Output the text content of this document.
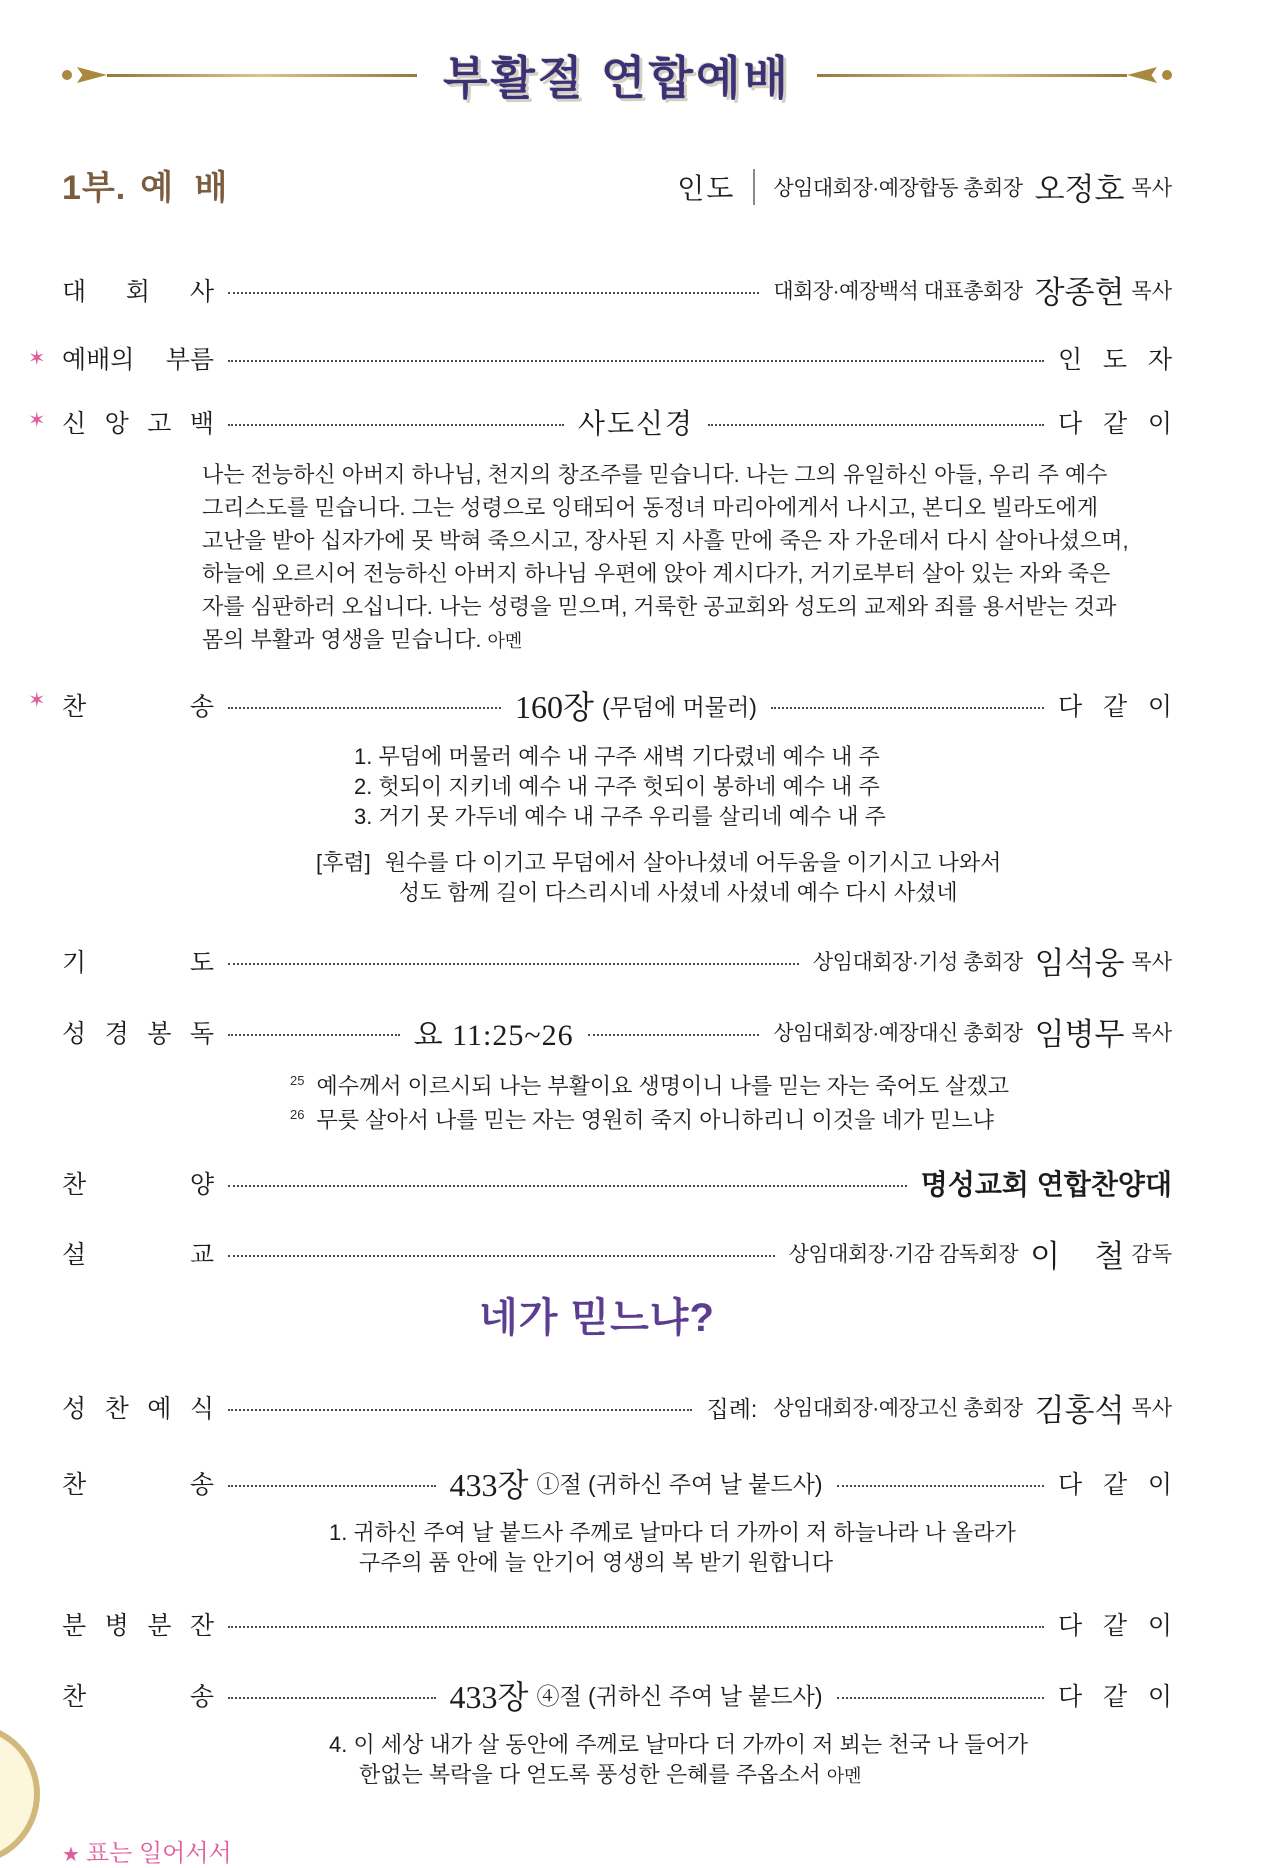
부활절 연합예배
1부. 예 배	인도 상임대회장·예장합동 총회장 오정호 목사
대 회 사	대회장·예장백석 대표총회장 장종현 목사
✶ 예배의 부름	인 도 자
✶ 신 앙 고 백	사도신경	다 같 이
나는 전능하신 아버지 하나님, 천지의 창조주를 믿습니다. 나는 그의 유일하신 아들, 우리 주 예수
그리스도를 믿습니다. 그는 성령으로 잉태되어 동정녀 마리아에게서 나시고, 본디오 빌라도에게
고난을 받아 십자가에 못 박혀 죽으시고, 장사된 지 사흘 만에 죽은 자 가운데서 다시 살아나셨으며,
하늘에 오르시어 전능하신 아버지 하나님 우편에 앉아 계시다가, 거기로부터 살아 있는 자와 죽은
자를 심판하러 오십니다. 나는 성령을 믿으며, 거룩한 공교회와 성도의 교제와 죄를 용서받는 것과
몸의 부활과 영생을 믿습니다. 아멘
✶ 찬 송	160장 (무덤에 머물러)	다 같 이
1. 무덤에 머물러 예수 내 구주 새벽 기다렸네 예수 내 주
2. 헛되이 지키네 예수 내 구주 헛되이 봉하네 예수 내 주
3. 거기 못 가두네 예수 내 구주 우리를 살리네 예수 내 주
[후렴] 원수를 다 이기고 무덤에서 살아나셨네 어두움을 이기시고 나와서
성도 함께 길이 다스리시네 사셨네 사셨네 예수 다시 사셨네
기 도	상임대회장·기성 총회장 임석웅 목사
성 경 봉 독	요 11:25~26	상임대회장·예장대신 총회장 임병무 목사
$^{25}$ 예수께서 이르시되 나는 부활이요 생명이니 나를 믿는 자는 죽어도 살겠고
$^{26}$ 무릇 살아서 나를 믿는 자는 영원히 죽지 아니하리니 이것을 네가 믿느냐
찬 양	명성교회 연합찬양대
설 교	상임대회장·기감 감독회장 이    철 감독
네가 믿느냐?
성 찬 예 식	집례: 상임대회장·예장고신 총회장 김홍석 목사
찬 송	433장 ①절 (귀하신 주여 날 붙드사)	다 같 이
1. 귀하신 주여 날 붙드사 주께로 날마다 더 가까이 저 하늘나라 나 올라가
구주의 품 안에 늘 안기어 영생의 복 받기 원합니다
분 병 분 잔	다 같 이
찬 송	433장 ④절 (귀하신 주여 날 붙드사)	다 같 이
4. 이 세상 내가 살 동안에 주께로 날마다 더 가까이 저 뵈는 천국 나 들어가
한없는 복락을 다 얻도록 풍성한 은혜를 주옵소서 아멘
★ 표는 일어서서
